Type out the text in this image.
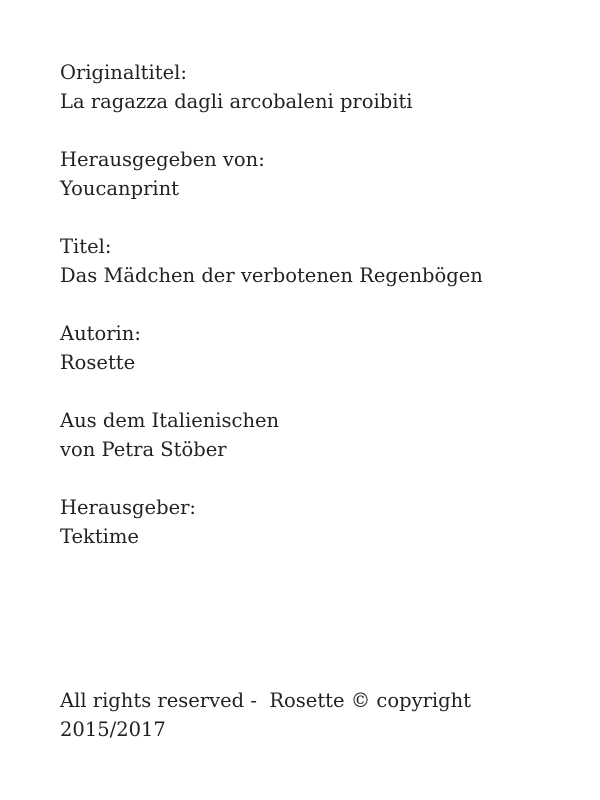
Originaltitel:
La ragazza dagli arcobaleni proibiti
Herausgegeben von:
Youcanprint
Titel:
Das Mädchen der verbotenen Regenbögen
Autorin:
Rosette
Aus dem Italienischen
von Petra Stöber
Herausgeber:
Tektime
All rights reserved -  Rosette © copyright
2015/2017
